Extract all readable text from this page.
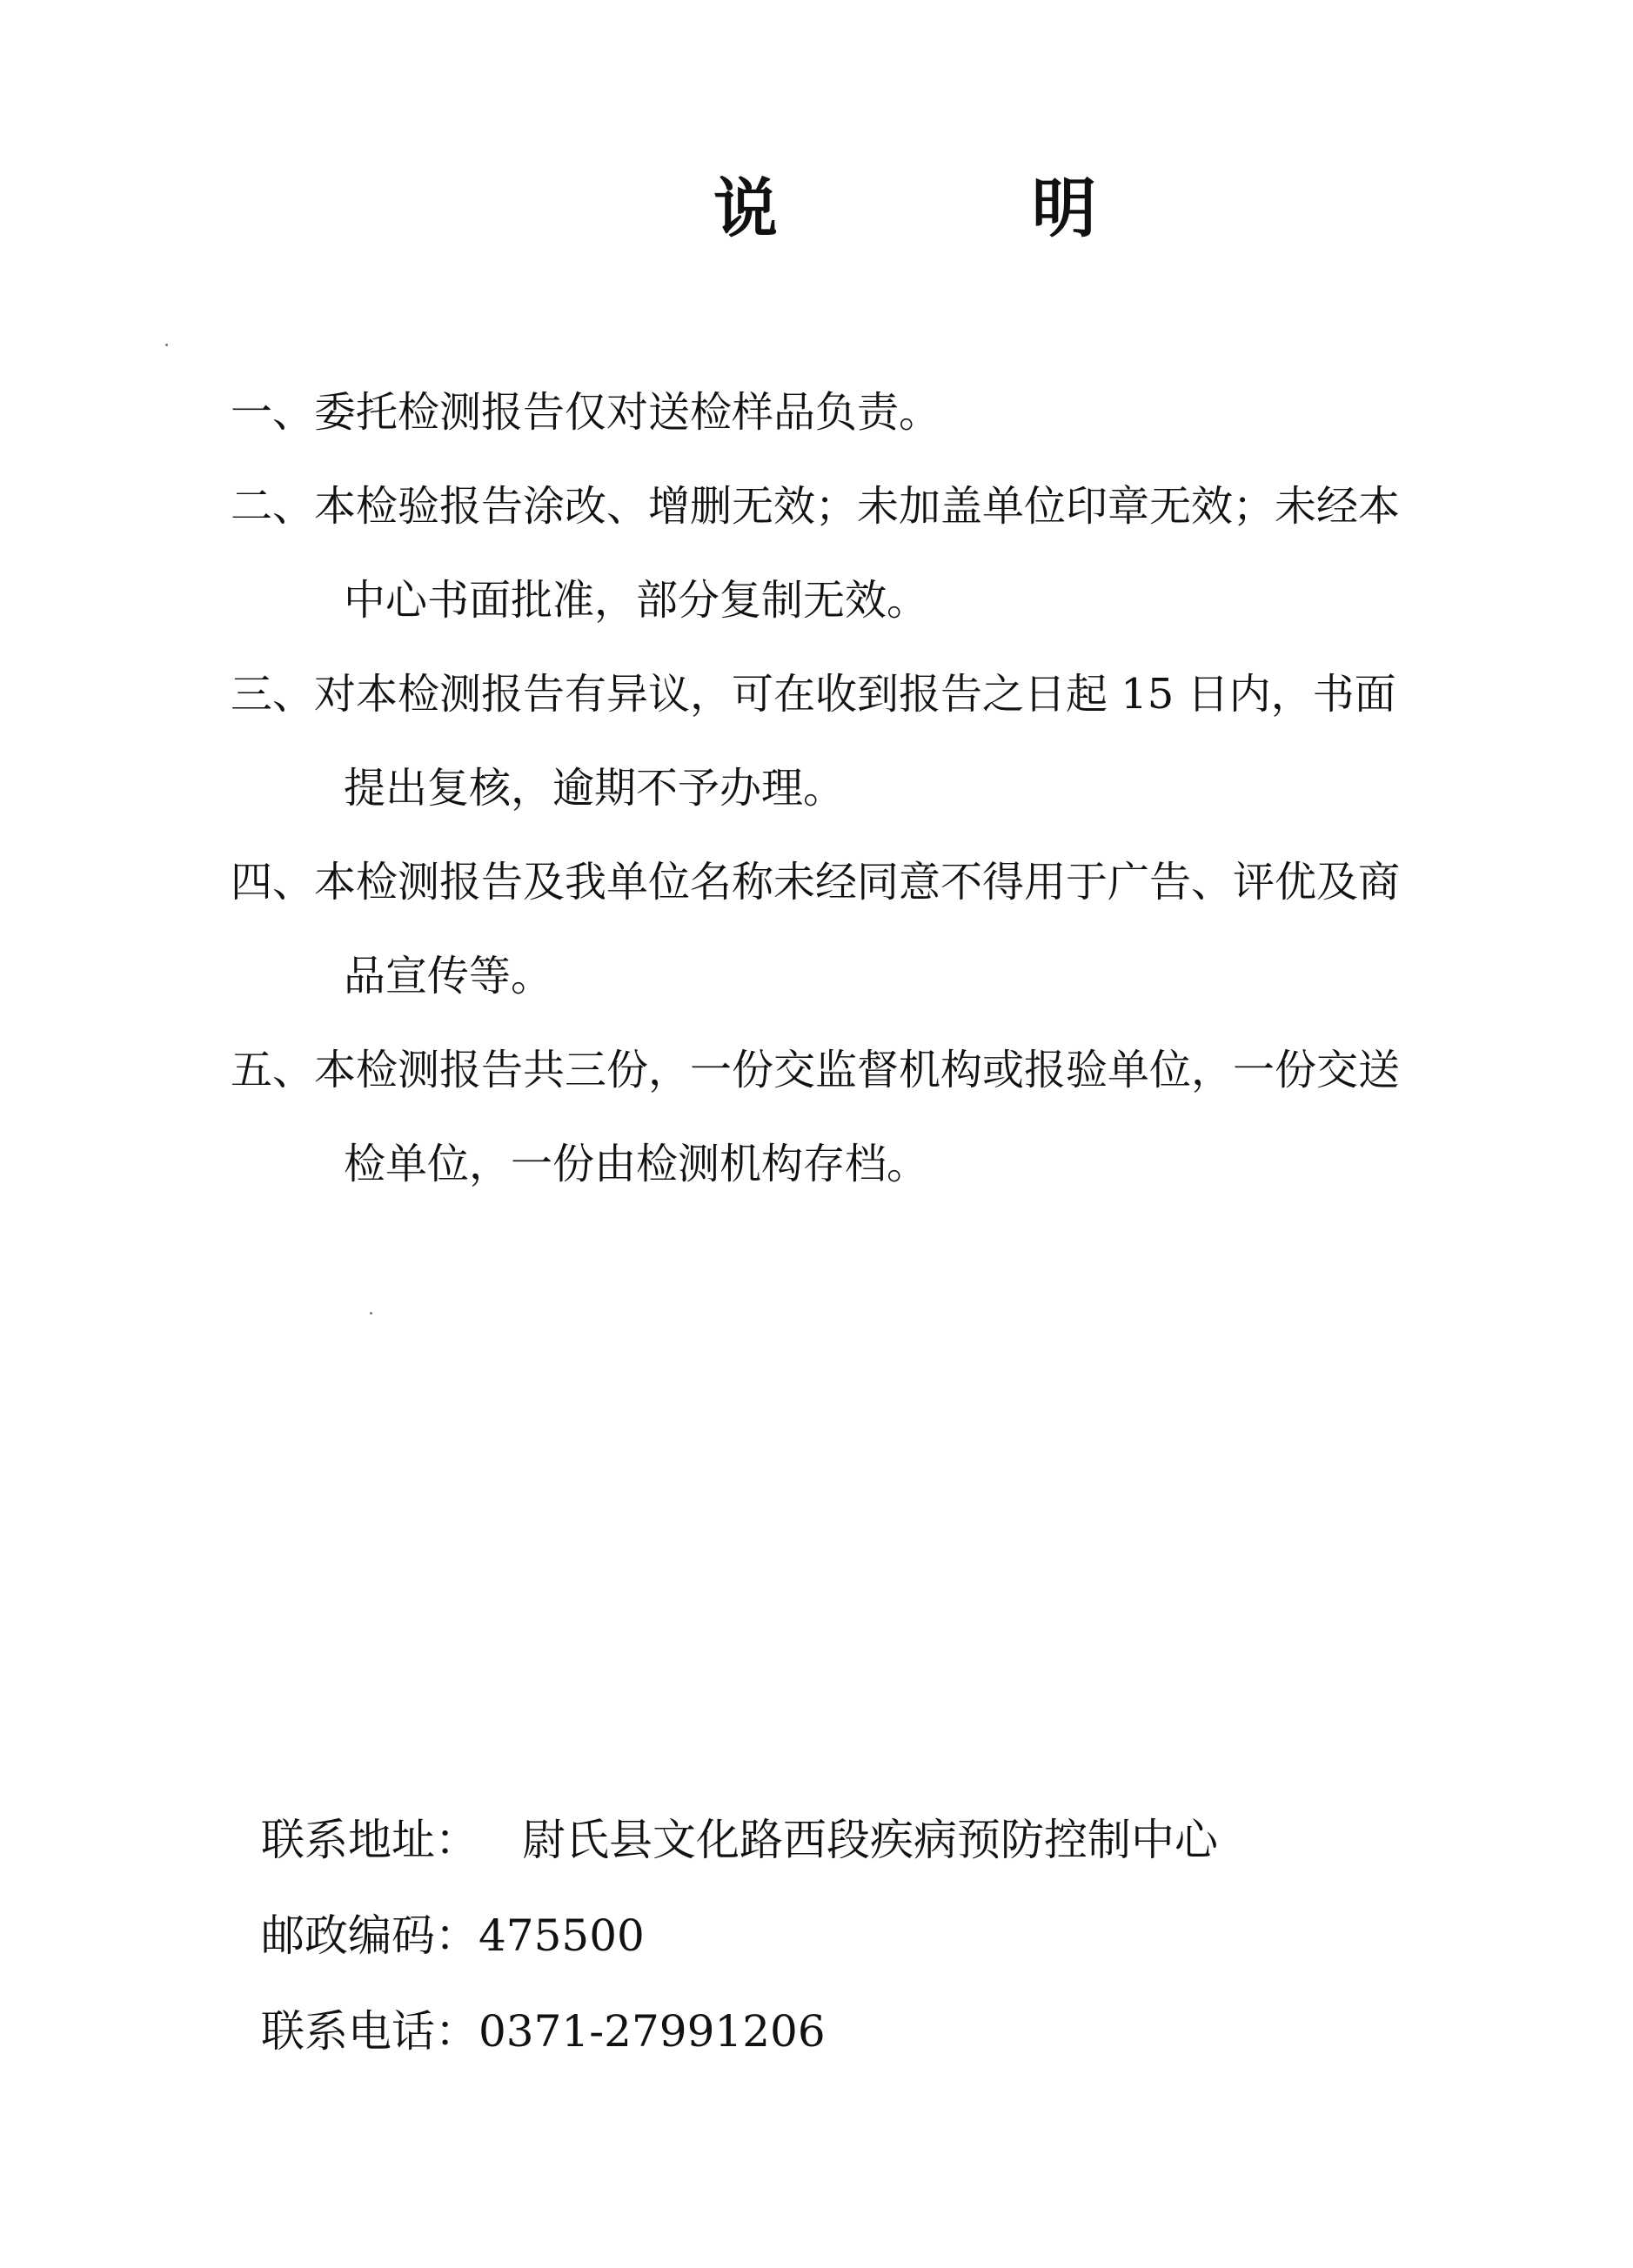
说	明

一、委托检测报告仅对送检样品负责。

二、本检验报告涂改、增删无效；未加盖单位印章无效；未经本
中心书面批准，部分复制无效。

三、对本检测报告有异议，可在收到报告之日起 15 日内，书面
提出复核，逾期不予办理。

四、本检测报告及我单位名称未经同意不得用于广告、评优及商
品宣传等。

五、本检测报告共三份，一份交监督机构或报验单位，一份交送
检单位，一份由检测机构存档。

联系地址： 尉氏县文化路西段疾病预防控制中心
邮政编码：475500
联系电话：0371-27991206
